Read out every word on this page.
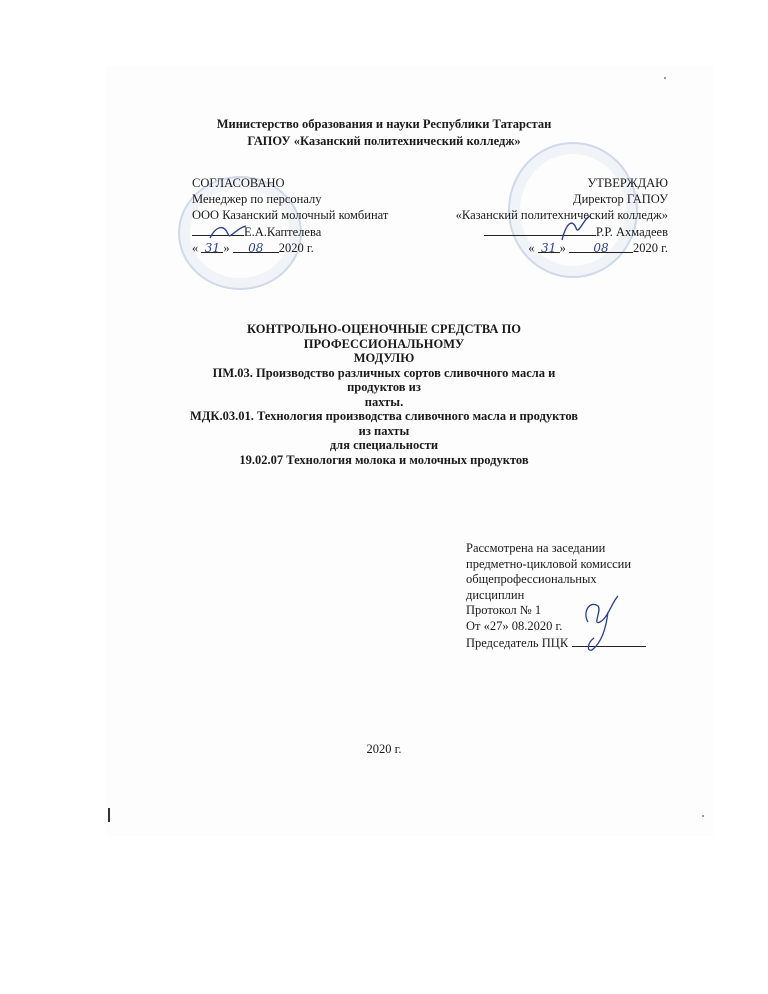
Министерство образования и науки Республики Татарстан
ГАПОУ «Казанский политехнический колледж»
СОГЛАСОВАНО
Менеджер по персоналу
ООО Казанский молочный комбинат
Е.А.Каптелева
« 31 » 08 2020 г.
УТВЕРЖДАЮ
Директор ГАПОУ
«Казанский политехнический колледж»
Р.Р. Ахмадеев
« 31 » 08 2020 г.
КОНТРОЛЬНО-ОЦЕНОЧНЫЕ СРЕДСТВА ПО ПРОФЕССИОНАЛЬНОМУ
МОДУЛЮ
ПМ.03. Производство различных сортов сливочного масла и продуктов из
пахты.
МДК.03.01. Технология производства сливочного масла и продуктов из пахты
для специальности
19.02.07 Технология молока и молочных продуктов
Рассмотрена на заседании
предметно-цикловой комиссии
общепрофессиональных
дисциплин
Протокол № 1
От «27» 08.2020 г.
Председатель ПЦК
2020 г.
